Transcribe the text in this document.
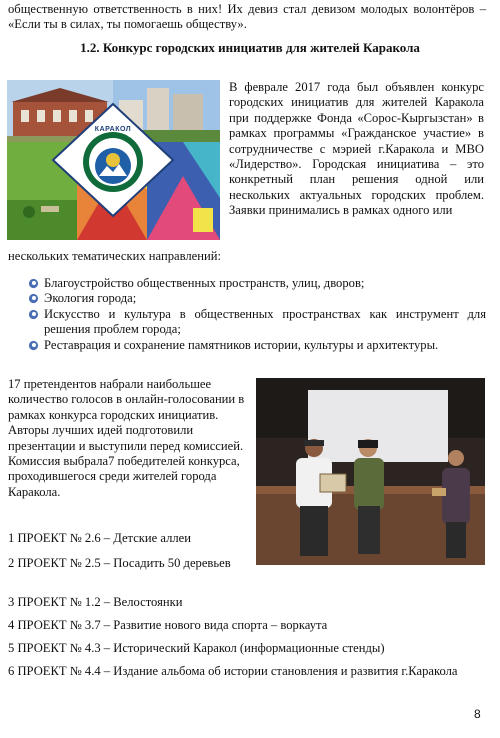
общественную ответственность в них! Их девиз стал девизом молодых волонтёров – «Если ты в силах, ты помогаешь обществу».

1.2. Конкурс городских инициатив для жителей Каракола
КАРАКОЛ

В феврале 2017 года был объявлен конкурс городских инициатив для жителей Каракола при поддержке Фонда «Сорос-Кыргызстан» в рамках программы «Гражданское участие» в сотрудничестве с мэрией г.Каракола и МВО «Лидерство». Городская инициатива – это конкретный план решения одной или нескольких актуальных городских проблем. Заявки принимались в рамках одного или

нескольких тематических направлений:

Благоустройство общественных пространств, улиц, дворов;
Экология города;
Искусство и культура в общественных пространствах как инструмент для решения проблем города;
Реставрация и сохранение памятников истории, культуры и архитектуры.

17 претендентов набрали наибольшее количество голосов в онлайн-голосовании в рамках конкурса городских инициатив. Авторы лучших идей подготовили презентации и выступили перед комиссией. Комиссия выбрала7 победителей конкурса, проходившегося среди жителей города Каракола.

1 ПРОЕКТ № 2.6 – Детские аллеи

2 ПРОЕКТ № 2.5 – Посадить 50 деревьев

3 ПРОЕКТ № 1.2 – Велостоянки

4 ПРОЕКТ № 3.7 – Развитие нового вида спорта – воркаута

5 ПРОЕКТ № 4.3 – Исторический Каракол (информационные стенды)

6 ПРОЕКТ № 4.4 – Издание альбома об истории становления и развития г.Каракола

8
